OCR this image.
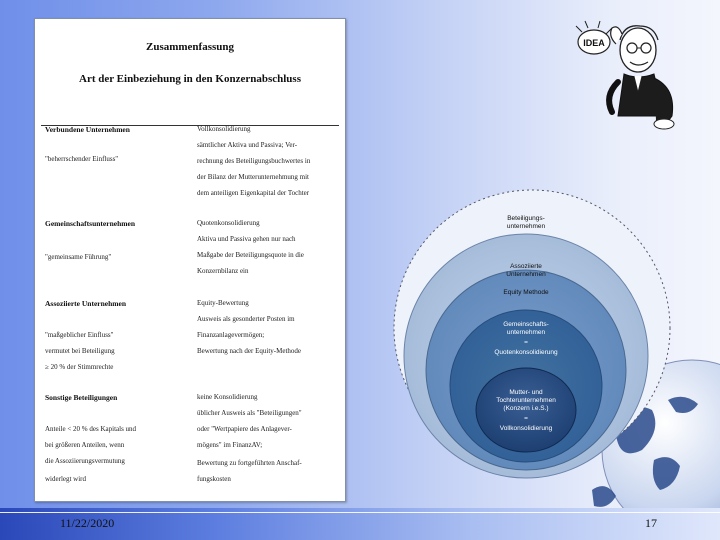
Zusammenfassung
Art der Einbeziehung in den Konzernabschluss
Verbundene Unternehmen
"beherrschender Einfluss"
Vollkonsolidierung
sämtlicher Aktiva und Passiva; Ver-
rechnung des Beteiligungsbuchwertes in
der Bilanz der Mutterunternehmung mit
dem anteiligen Eigenkapital der Tochter
Gemeinschaftsunternehmen
"gemeinsame Führung"
Quotenkonsolidierung
Aktiva und Passiva gehen nur nach
Maßgabe der Beteiligungsquote in die
Konzernbilanz ein
Assoziierte Unternehmen
"maßgeblicher Einfluss"
vermutet bei Beteiligung
≥ 20 % der Stimmrechte
Equity-Bewertung
Ausweis als gesonderter Posten im
Finanzanlagevermögen;
Bewertung nach der Equity-Methode
Sonstige Beteiligungen
Anteile < 20 % des Kapitals und
bei größeren Anteilen, wenn
die Assoziierungsvermutung
widerlegt wird
keine Konsolidierung
üblicher Ausweis als "Beteiligungen"
oder "Wertpapiere des Anlagever-
mögens" im FinanzAV;
Bewertung zu fortgeführten Anschaf-
fungskosten
IDEA
Beteiligungs-
unternehmen
Assoziierte
Unternehmen
Equity Methode
Gemeinschafts-
unternehmen
=
Quotenkonsolidierung
Mutter- und
Tochterunternehmen
(Konzern i.e.S.)
=
Vollkonsolidierung
11/22/2020	17
